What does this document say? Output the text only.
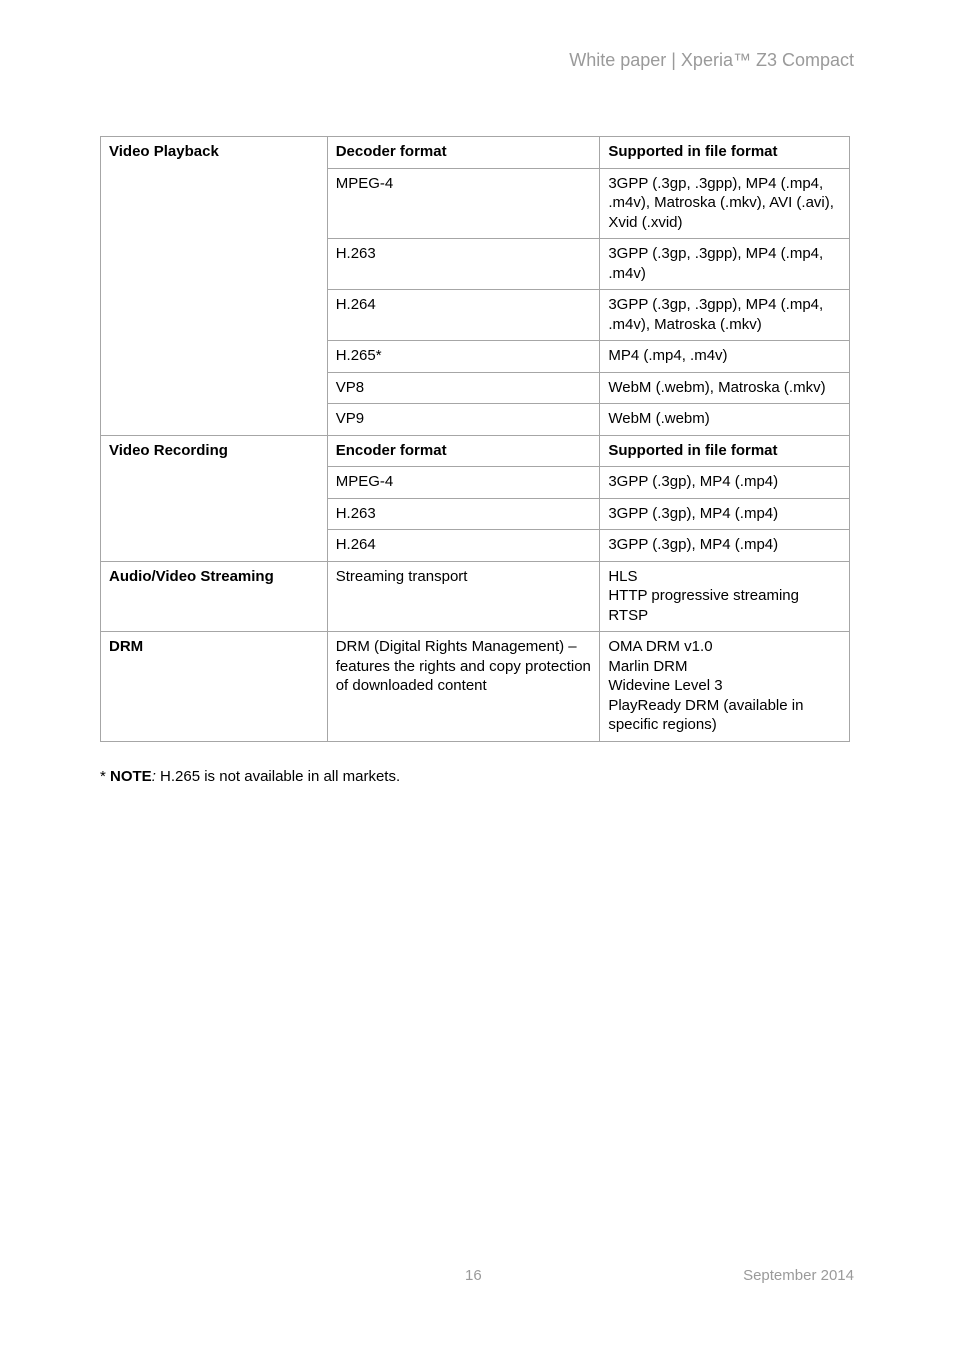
White paper | Xperia™ Z3 Compact
Video Playback	Decoder format	Supported in file format
	MPEG-4	3GPP (.3gp, .3gpp), MP4 (.mp4, .m4v), Matroska (.mkv), AVI (.avi), Xvid (.xvid)
	H.263	3GPP (.3gp, .3gpp), MP4 (.mp4, .m4v)
	H.264	3GPP (.3gp, .3gpp), MP4 (.mp4, .m4v), Matroska (.mkv)
	H.265*	MP4 (.mp4, .m4v)
	VP8	WebM (.webm), Matroska (.mkv)
	VP9	WebM (.webm)
Video Recording	Encoder format	Supported in file format
	MPEG-4	3GPP (.3gp), MP4 (.mp4)
	H.263	3GPP (.3gp), MP4 (.mp4)
	H.264	3GPP (.3gp), MP4 (.mp4)
Audio/Video Streaming	Streaming transport	HLS
HTTP progressive streaming
RTSP

DRM	DRM (Digital Rights Management) – features the rights and copy protection of downloaded content	OMA DRM v1.0
Marlin DRM
Widevine Level 3
PlayReady DRM (available in specific regions)
* NOTE: H.265 is not available in all markets.
16	September 2014
